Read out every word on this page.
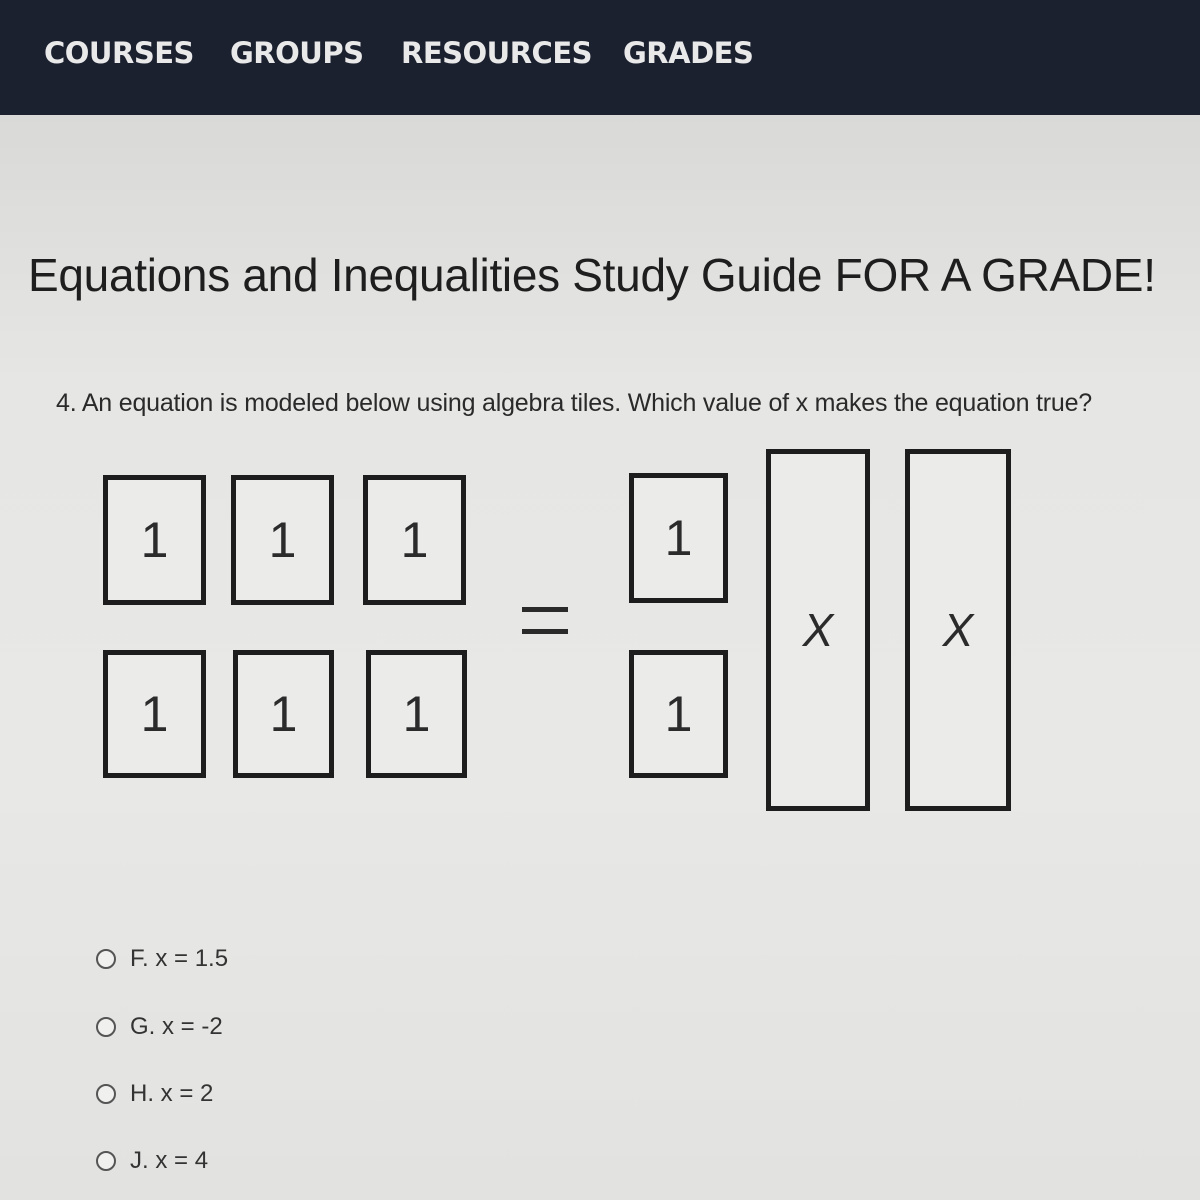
COURSES GROUPS RESOURCES GRADES
Equations and Inequalities Study Guide FOR A GRADE!
4. An equation is modeled below using algebra tiles. Which value of x makes the equation true?
1	1	1
1	1	1
1
1
X	X
F. x = 1.5
G. x = -2
H. x = 2
J. x = 4
